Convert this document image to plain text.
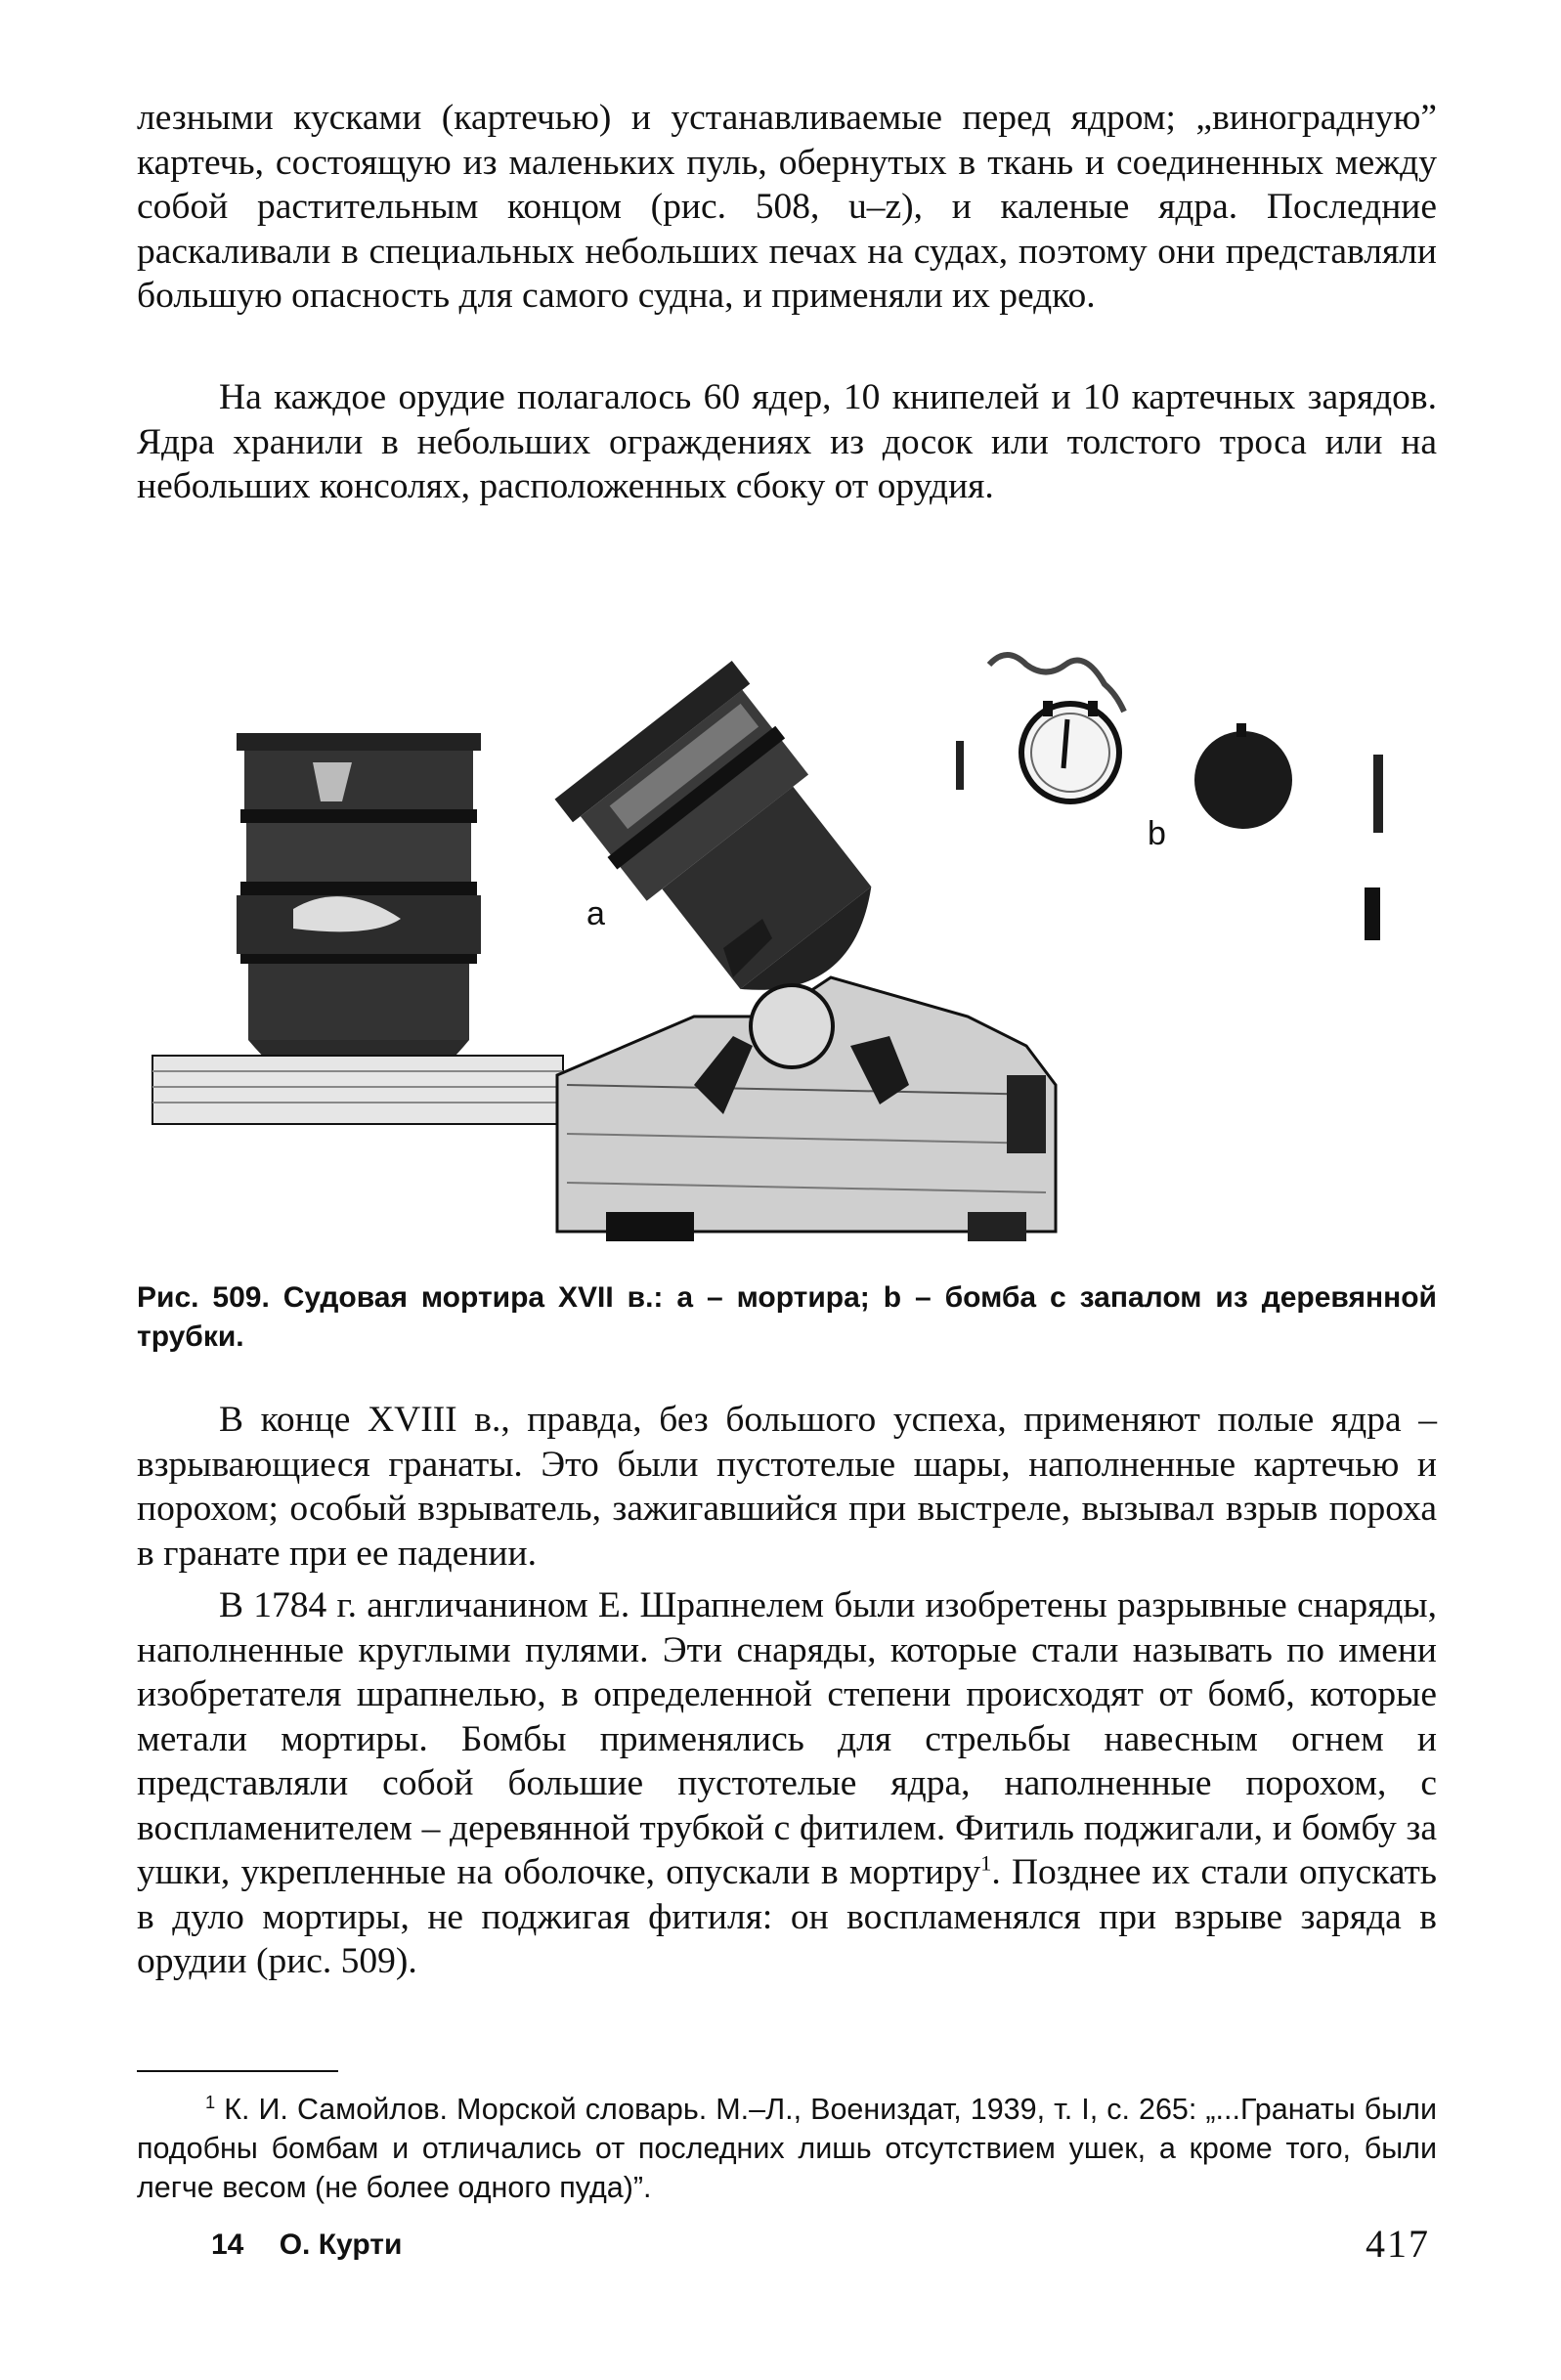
лезными кусками (картечью) и устанавливаемые перед ядром; „виноградную” картечь, состоящую из маленьких пуль, обернутых в ткань и соединенных между собой растительным концом (рис. 508, u–z), и каленые ядра. Последние раскаливали в специальных небольших печах на судах, поэтому они представляли большую опасность для самого судна, и применяли их редко.

На каждое орудие полагалось 60 ядер, 10 книпелей и 10 картечных зарядов. Ядра хранили в небольших ограждениях из досок или толстого троса или на небольших консолях, расположенных сбоку от орудия.

a
b
Рис. 509. Судовая мортира XVII в.: a – мортира; b – бомба с запалом из деревянной трубки.

В конце XVIII в., правда, без большого успеха, применяют полые ядра – взрывающиеся гранаты. Это были пустотелые шары, наполненные картечью и порохом; особый взрыватель, зажигавшийся при выстреле, вызывал взрыв пороха в гранате при ее падении.

В 1784 г. англичанином Е. Шрапнелем были изобретены разрывные снаряды, наполненные круглыми пулями. Эти снаряды, которые стали называть по имени изобретателя шрапнелью, в определенной степени происходят от бомб, которые метали мортиры. Бомбы применялись для стрельбы навесным огнем и представляли собой большие пустотелые ядра, наполненные порохом, с воспламенителем – деревянной трубкой с фитилем. Фитиль поджигали, и бомбу за ушки, укрепленные на оболочке, опускали в мортиру$^1$. Позднее их стали опускать в дуло мортиры, не поджигая фитиля: он воспламенялся при взрыве заряда в орудии (рис. 509).

$^1$ К. И. Самойлов. Морской словарь. М.–Л., Воениздат, 1939, т. I, с. 265: „...Гранаты были подобны бомбам и отличались от последних лишь отсутствием ушек, а кроме того, были легче весом (не более одного пуда)”.
14 О. Курти	417
